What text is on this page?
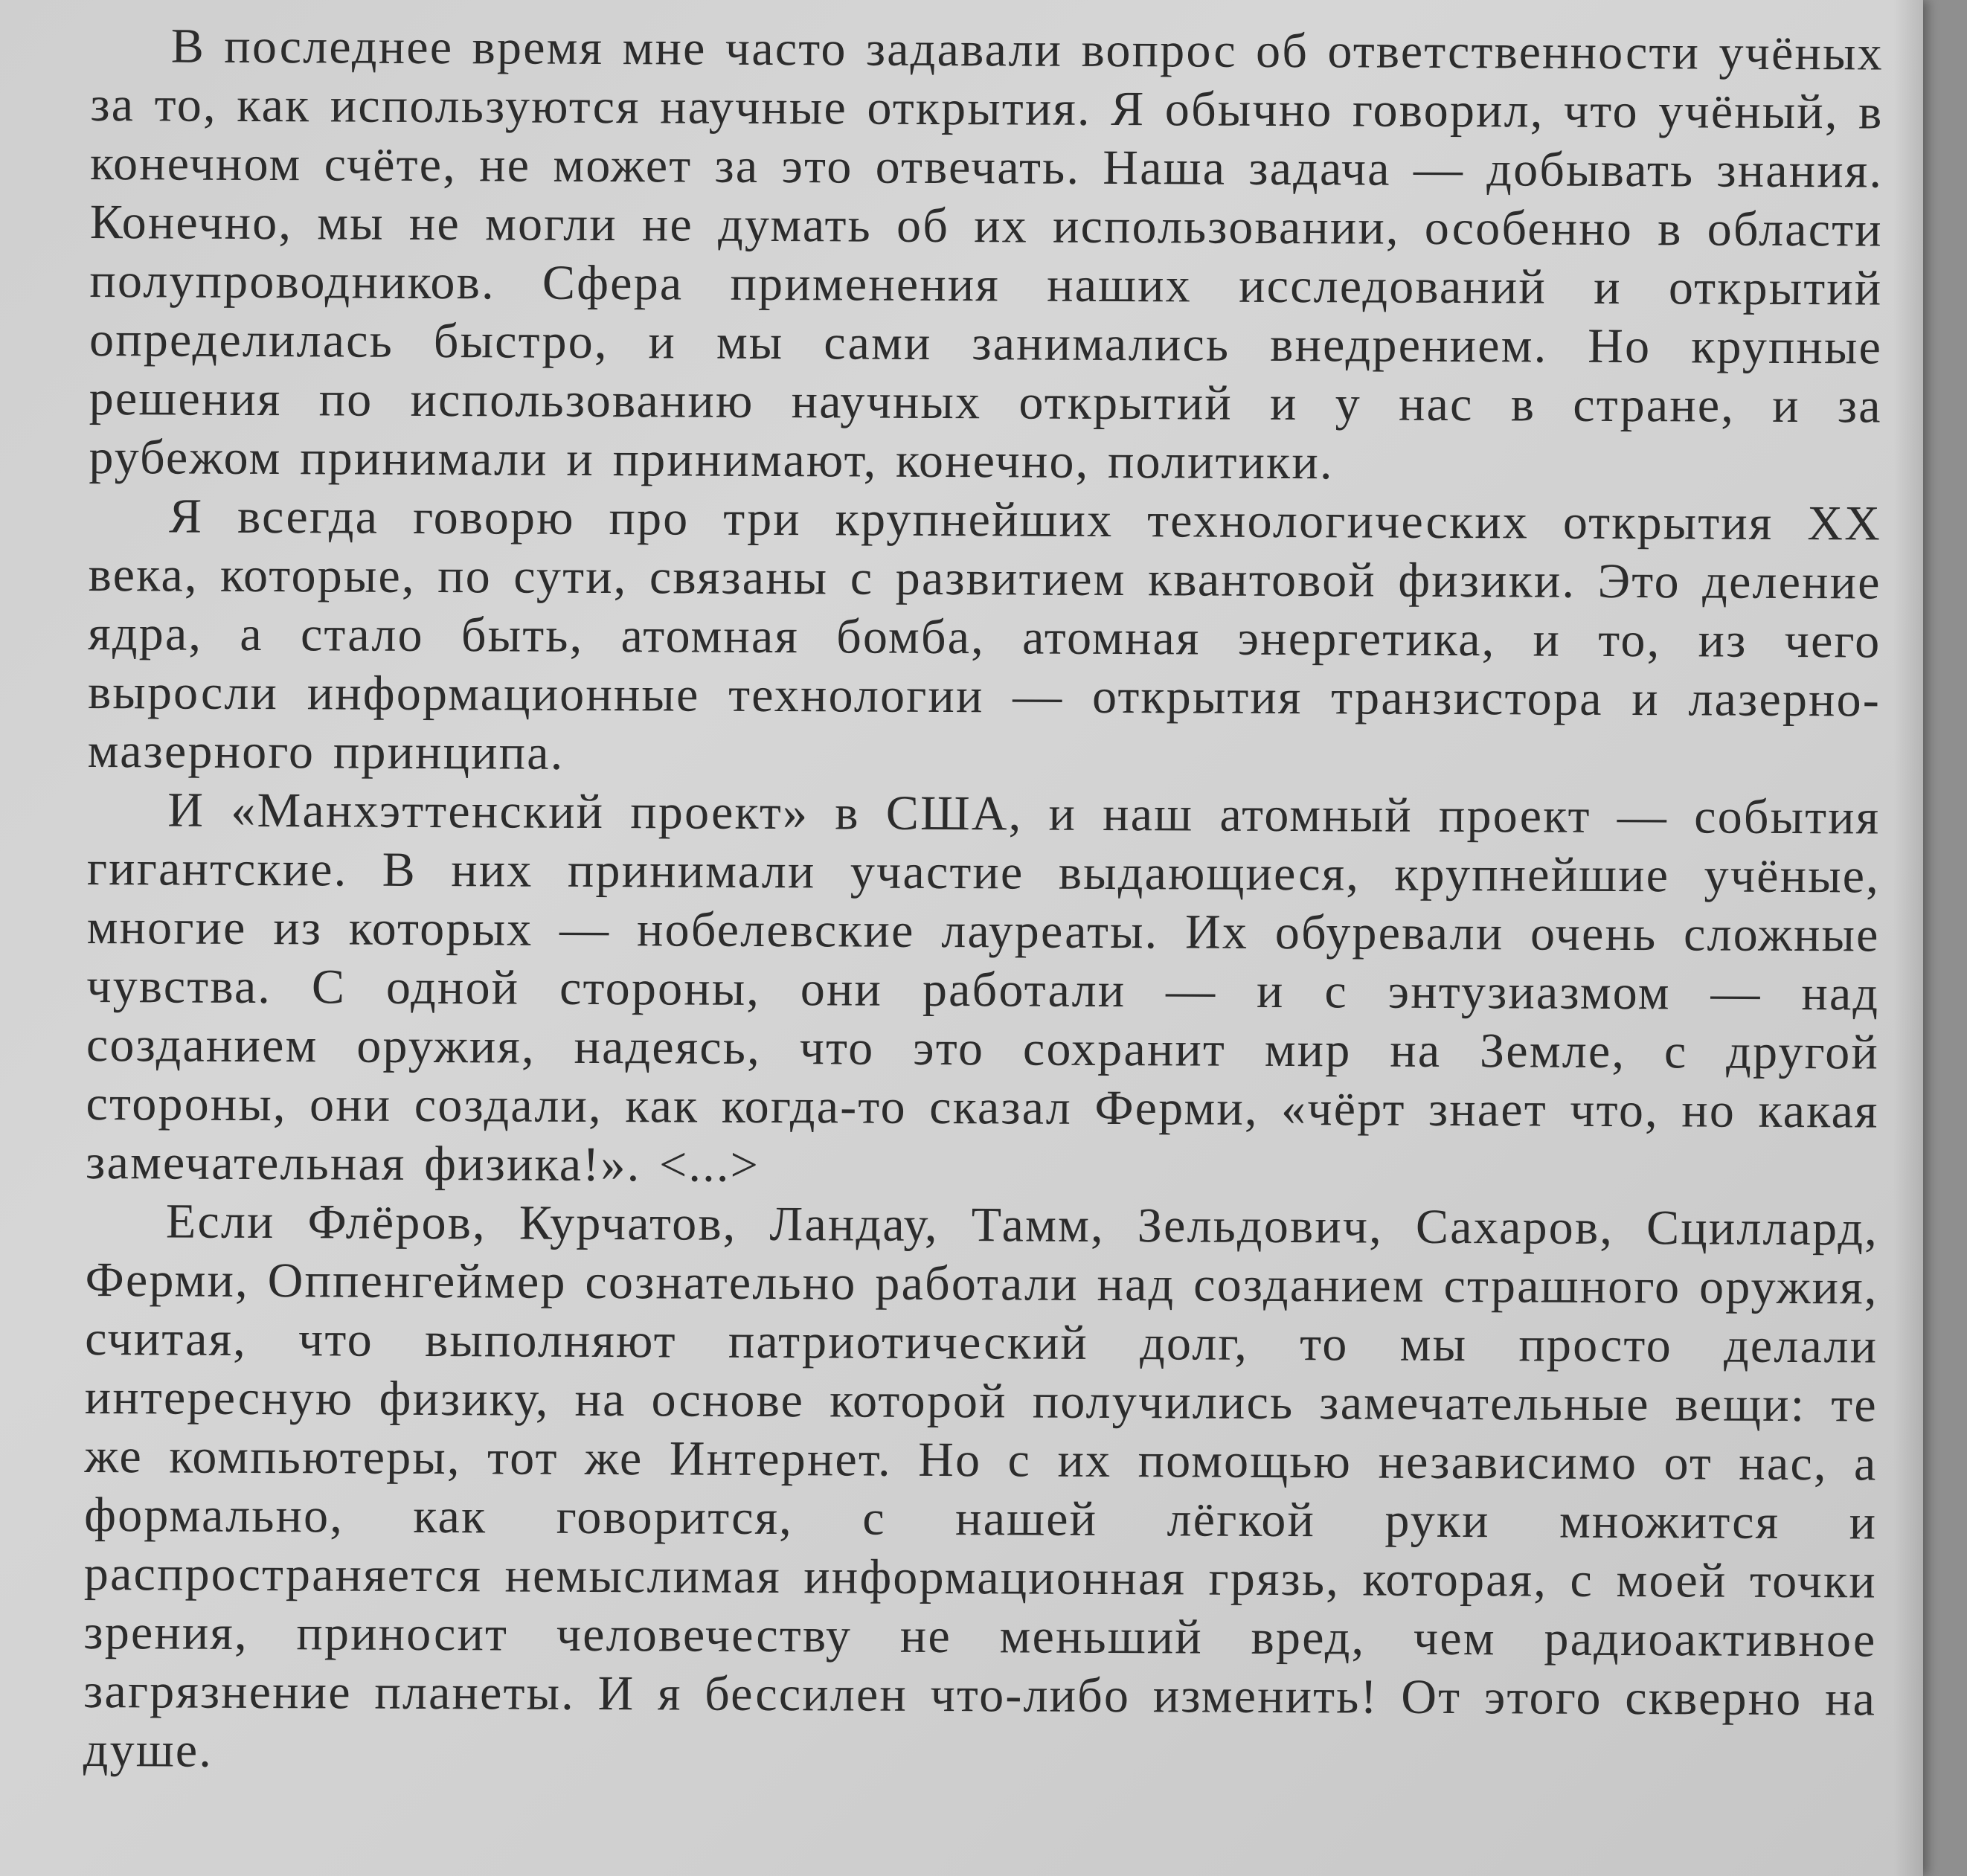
В последнее время мне часто задавали вопрос об ответственности учёных за то, как используются научные открытия. Я обычно говорил, что учёный, в конечном счёте, не может за это отвечать. Наша задача — добывать знания. Конечно, мы не могли не думать об их использовании, особенно в области полупроводников. Сфера применения наших исследований и открытий определилась быстро, и мы сами занимались внедрением. Но крупные решения по использованию научных открытий и у нас в стране, и за рубежом принимали и принимают, конечно, политики.

Я всегда говорю про три крупнейших технологических открытия XX века, которые, по сути, связаны с развитием квантовой физики. Это деление ядра, а стало быть, атомная бомба, атомная энергетика, и то, из чего выросли информационные технологии — открытия транзистора и лазерно-мазерного принципа.

И «Манхэттенский проект» в США, и наш атомный проект — события гигантские. В них принимали участие выдающиеся, крупнейшие учёные, многие из которых — нобелевские лауреаты. Их обуревали очень сложные чувства. С одной стороны, они работали — и с энтузиазмом — над созданием оружия, надеясь, что это сохранит мир на Земле, с другой стороны, они создали, как когда-то сказал Ферми, «чёрт знает что, но какая замечательная физика!». <...>

Если Флёров, Курчатов, Ландау, Тамм, Зельдович, Сахаров, Сциллард, Ферми, Оппенгеймер сознательно работали над созданием страшного оружия, считая, что выполняют патриотический долг, то мы просто делали интересную физику, на основе которой получились замечательные вещи: те же компьютеры, тот же Интернет. Но с их помощью независимо от нас, а формально, как говорится, с нашей лёгкой руки множится и распространяется немыслимая информационная грязь, которая, с моей точки зрения, приносит человечеству не меньший вред, чем радиоактивное загрязнение планеты. И я бессилен что-либо изменить! От этого скверно на душе.
